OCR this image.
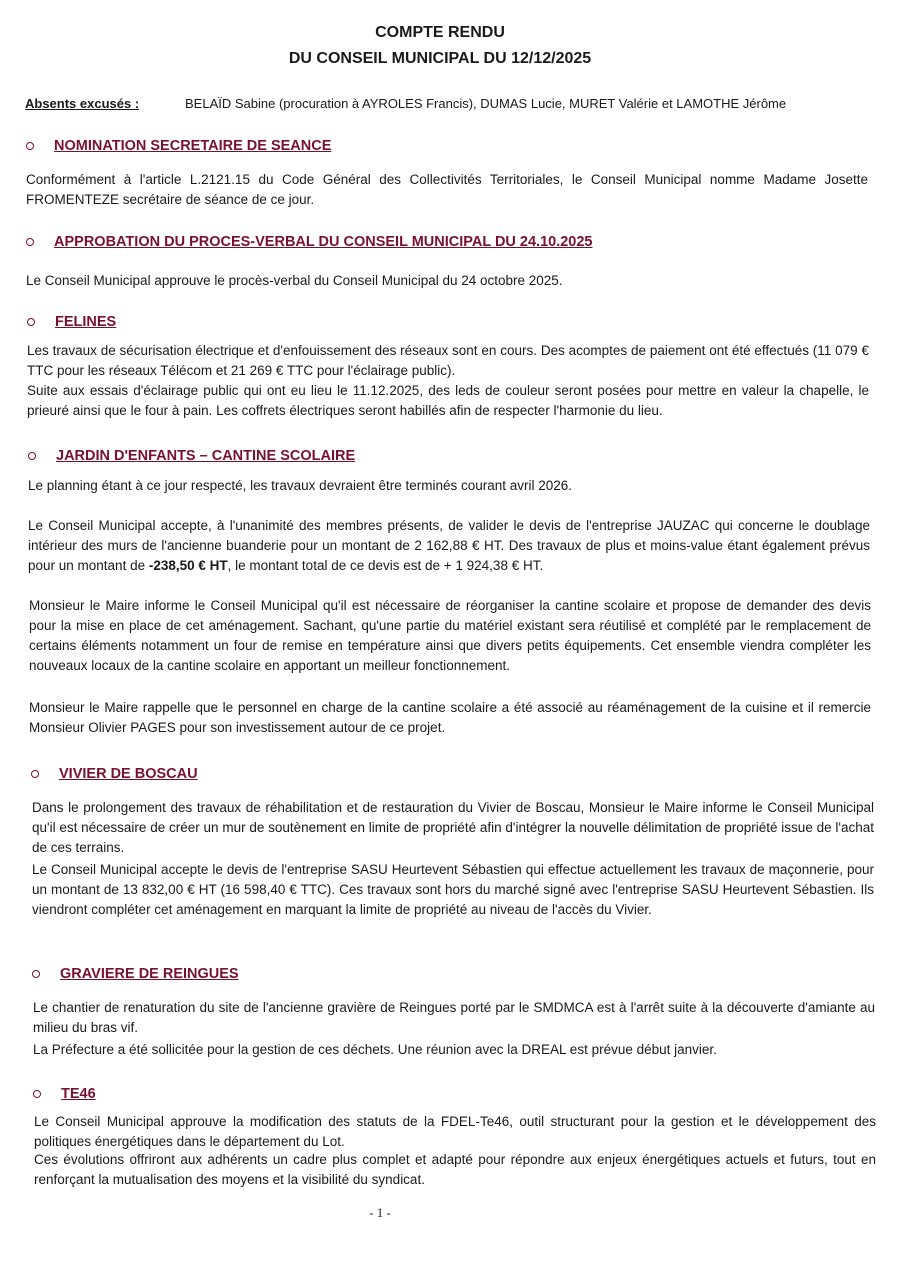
COMPTE RENDU
DU CONSEIL MUNICIPAL DU 12/12/2025
Absents excusés :	BELAÏD Sabine (procuration à AYROLES Francis), DUMAS Lucie, MURET Valérie et LAMOTHE Jérôme
NOMINATION SECRETAIRE DE SEANCE
Conformément à l'article L.2121.15 du Code Général des Collectivités Territoriales, le Conseil Municipal nomme Madame Josette FROMENTEZE secrétaire de séance de ce jour.
APPROBATION DU PROCES-VERBAL DU CONSEIL MUNICIPAL DU 24.10.2025
Le Conseil Municipal approuve le procès-verbal du Conseil Municipal du 24 octobre 2025.
FELINES
Les travaux de sécurisation électrique et d'enfouissement des réseaux sont en cours. Des acomptes de paiement ont été effectués (11 079 € TTC pour les réseaux Télécom et 21 269 € TTC pour l'éclairage public).
Suite aux essais d'éclairage public qui ont eu lieu le 11.12.2025, des leds de couleur seront posées pour mettre en valeur la chapelle, le prieuré ainsi que le four à pain. Les coffrets électriques seront habillés afin de respecter l'harmonie du lieu.
JARDIN D'ENFANTS – CANTINE SCOLAIRE
Le planning étant à ce jour respecté, les travaux devraient être terminés courant avril 2026.
Le Conseil Municipal accepte, à l'unanimité des membres présents, de valider le devis de l'entreprise JAUZAC qui concerne le doublage intérieur des murs de l'ancienne buanderie pour un montant de 2 162,88 € HT. Des travaux de plus et moins-value étant également prévus pour un montant de -238,50 € HT, le montant total de ce devis est de + 1 924,38 € HT.
Monsieur le Maire informe le Conseil Municipal qu'il est nécessaire de réorganiser la cantine scolaire et propose de demander des devis pour la mise en place de cet aménagement. Sachant, qu'une partie du matériel existant sera réutilisé et complété par le remplacement de certains éléments notamment un four de remise en température ainsi que divers petits équipements. Cet ensemble viendra compléter les nouveaux locaux de la cantine scolaire en apportant un meilleur fonctionnement.
Monsieur le Maire rappelle que le personnel en charge de la cantine scolaire a été associé au réaménagement de la cuisine et il remercie Monsieur Olivier PAGES pour son investissement autour de ce projet.
VIVIER DE BOSCAU
Dans le prolongement des travaux de réhabilitation et de restauration du Vivier de Boscau, Monsieur le Maire informe le Conseil Municipal qu'il est nécessaire de créer un mur de soutènement en limite de propriété afin d'intégrer la nouvelle délimitation de propriété issue de l'achat de ces terrains.
Le Conseil Municipal accepte le devis de l'entreprise SASU Heurtevent Sébastien qui effectue actuellement les travaux de maçonnerie, pour un montant de 13 832,00 € HT (16 598,40 € TTC). Ces travaux sont hors du marché signé avec l'entreprise SASU Heurtevent Sébastien. Ils viendront compléter cet aménagement en marquant la limite de propriété au niveau de l'accès du Vivier.
GRAVIERE DE REINGUES
Le chantier de renaturation du site de l'ancienne gravière de Reingues porté par le SMDMCA est à l'arrêt suite à la découverte d'amiante au milieu du bras vif.
La Préfecture a été sollicitée pour la gestion de ces déchets. Une réunion avec la DREAL est prévue début janvier.
TE46
Le Conseil Municipal approuve la modification des statuts de la FDEL-Te46, outil structurant pour la gestion et le développement des politiques énergétiques dans le département du Lot.
Ces évolutions offriront aux adhérents un cadre plus complet et adapté pour répondre aux enjeux énergétiques actuels et futurs, tout en renforçant la mutualisation des moyens et la visibilité du syndicat.
- 1 -
